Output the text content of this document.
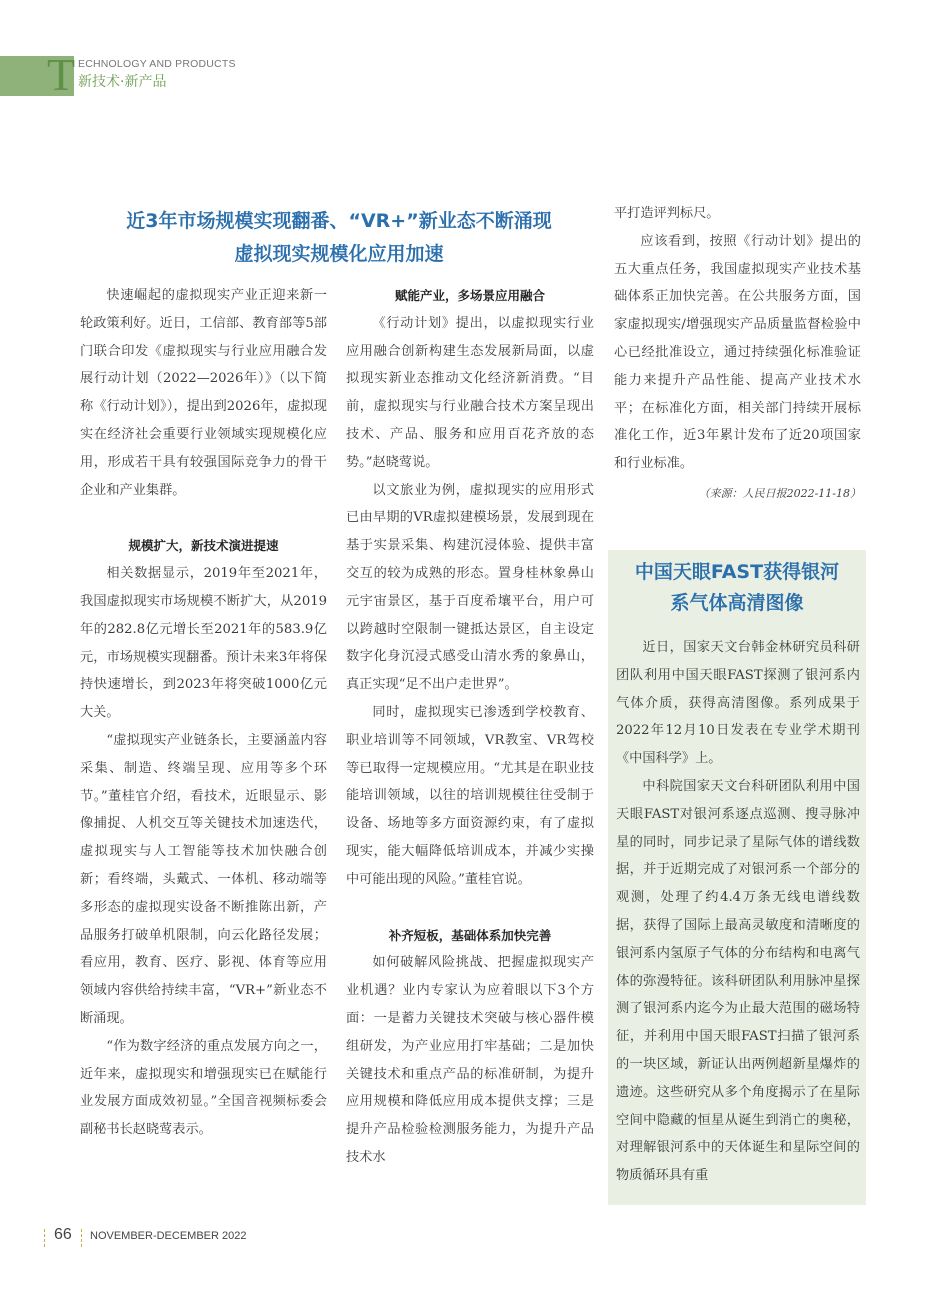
T ECHNOLOGY AND PRODUCTS
新技术·新产品
近3年市场规模实现翻番、“VR+”新业态不断涌现
虚拟现实规模化应用加速

快速崛起的虚拟现实产业正迎来新一轮政策利好。近日，工信部、教育部等5部门联合印发《虚拟现实与行业应用融合发展行动计划（2022—2026年）》（以下简称《行动计划》），提出到2026年，虚拟现实在经济社会重要行业领域实现规模化应用，形成若干具有较强国际竞争力的骨干企业和产业集群。

规模扩大，新技术演进提速

相关数据显示，2019年至2021年，我国虚拟现实市场规模不断扩大，从2019年的282.8亿元增长至2021年的583.9亿元，市场规模实现翻番。预计未来3年将保持快速增长，到2023年将突破1000亿元大关。

“虚拟现实产业链条长，主要涵盖内容采集、制造、终端呈现、应用等多个环节。”董桂官介绍，看技术，近眼显示、影像捕捉、人机交互等关键技术加速迭代，虚拟现实与人工智能等技术加快融合创新；看终端，头戴式、一体机、移动端等多形态的虚拟现实设备不断推陈出新，产品服务打破单机限制，向云化路径发展；看应用，教育、医疗、影视、体育等应用领域内容供给持续丰富，“VR+”新业态不断涌现。

“作为数字经济的重点发展方向之一，近年来，虚拟现实和增强现实已在赋能行业发展方面成效初显。”全国音视频标委会副秘书长赵晓莺表示。

赋能产业，多场景应用融合

《行动计划》提出，以虚拟现实行业应用融合创新构建生态发展新局面，以虚拟现实新业态推动文化经济新消费。“目前，虚拟现实与行业融合技术方案呈现出技术、产品、服务和应用百花齐放的态势。”赵晓莺说。

以文旅业为例，虚拟现实的应用形式已由早期的VR虚拟建模场景，发展到现在基于实景采集、构建沉浸体验、提供丰富交互的较为成熟的形态。置身桂林象鼻山元宇宙景区，基于百度希壤平台，用户可以跨越时空限制一键抵达景区，自主设定数字化身沉浸式感受山清水秀的象鼻山，真正实现“足不出户走世界”。

同时，虚拟现实已渗透到学校教育、职业培训等不同领域，VR教室、VR驾校等已取得一定规模应用。“尤其是在职业技能培训领域，以往的培训规模往往受制于设备、场地等多方面资源约束，有了虚拟现实，能大幅降低培训成本，并减少实操中可能出现的风险。”董桂官说。

补齐短板，基础体系加快完善

如何破解风险挑战、把握虚拟现实产业机遇？业内专家认为应着眼以下3个方面：一是蓄力关键技术突破与核心器件模组研发，为产业应用打牢基础；二是加快关键技术和重点产品的标准研制，为提升应用规模和降低应用成本提供支撑；三是提升产品检验检测服务能力，为提升产品技术水

平打造评判标尺。

应该看到，按照《行动计划》提出的五大重点任务，我国虚拟现实产业技术基础体系正加快完善。在公共服务方面，国家虚拟现实/增强现实产品质量监督检验中心已经批准设立，通过持续强化标准验证能力来提升产品性能、提高产业技术水平；在标准化方面，相关部门持续开展标准化工作，近3年累计发布了近20项国家和行业标准。

（来源：人民日报2022-11-18）

中国天眼FAST获得银河
系气体高清图像

近日，国家天文台韩金林研究员科研团队利用中国天眼FAST探测了银河系内气体介质，获得高清图像。系列成果于2022年12月10日发表在专业学术期刊《中国科学》上。

中科院国家天文台科研团队利用中国天眼FAST对银河系逐点巡测、搜寻脉冲星的同时，同步记录了星际气体的谱线数据，并于近期完成了对银河系一个部分的观测，处理了约4.4万条无线电谱线数据，获得了国际上最高灵敏度和清晰度的银河系内氢原子气体的分布结构和电离气体的弥漫特征。该科研团队利用脉冲星探测了银河系内迄今为止最大范围的磁场特征，并利用中国天眼FAST扫描了银河系的一块区域，新证认出两例超新星爆炸的遗迹。这些研究从多个角度揭示了在星际空间中隐藏的恒星从诞生到消亡的奥秘，对理解银河系中的天体诞生和星际空间的物质循环具有重

66 NOVEMBER-DECEMBER 2022
